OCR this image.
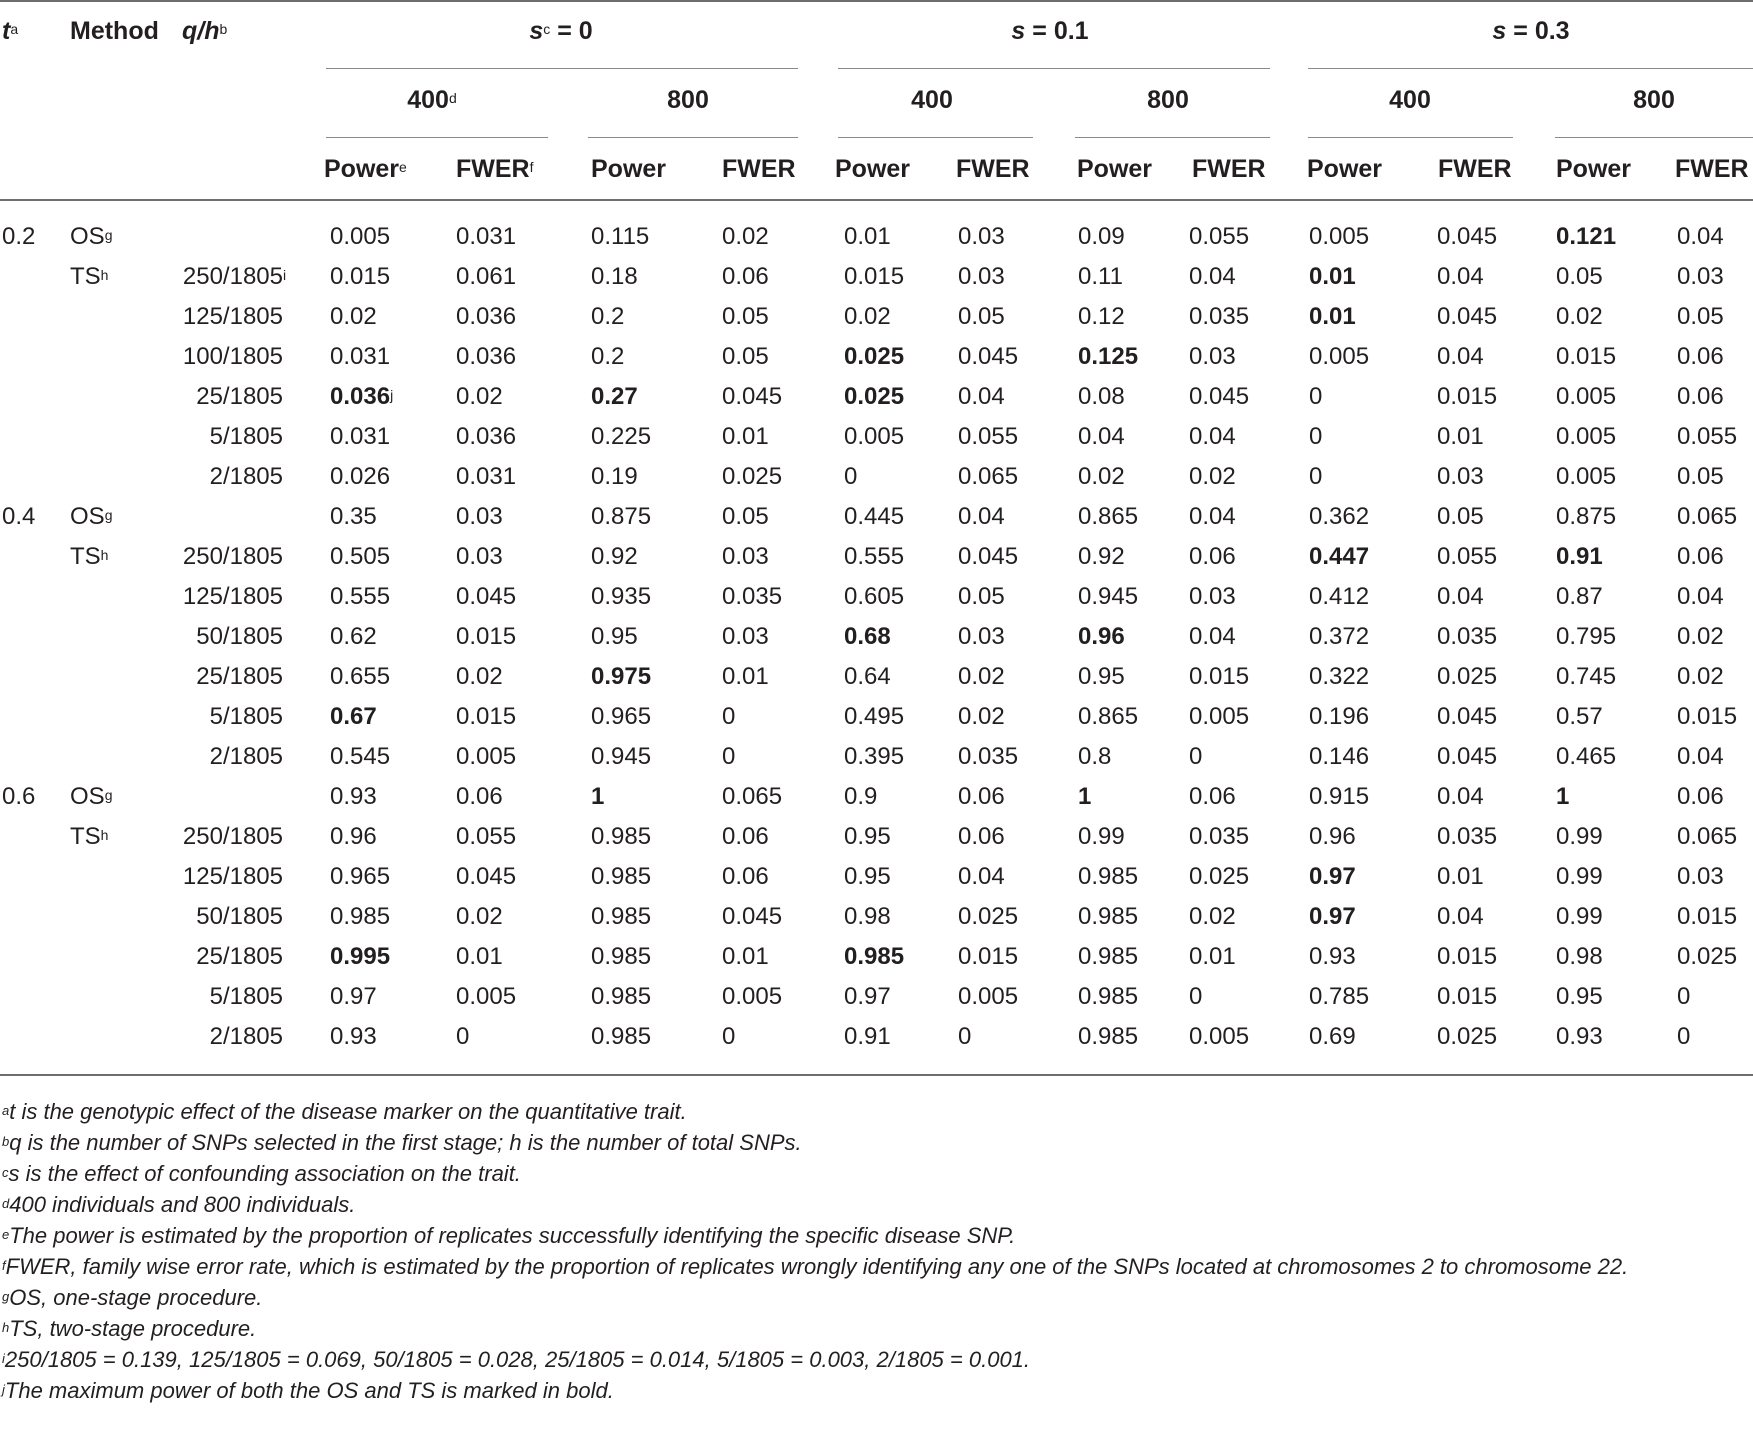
$t^a$ Method $q/h^b$	$s^c = 0$	s = 0.1	s = 0.3
400$^d$	800	400	800	400	800
Power$^e$ FWER$^f$ Power FWER Power FWER Power FWER Power FWER Power FWER
0.2 $OS^g$	0.005	0.031	0.115	0.02	0.01	0.03	0.09	0.055 0.005	0.045 0.121	0.04
$TS^h$	250/1805 i 0.015	0.061	0.18	0.06	0.015 0.03	0.11	0.04	0.01	0.04	0.05	0.03
125/1805 0.02	0.036	0.2	0.05	0.02	0.05	0.12	0.035 0.01	0.045 0.02	0.05
100/1805 0.031	0.036	0.2	0.05	0.025 0.045 0.125 0.03	0.005	0.04	0.015	0.06
25/1805 0.036$^j$	0.02	0.27	0.045	0.025 0.04	0.08	0.045 0	0.015 0.005	0.06
5/1805 0.031	0.036	0.225	0.01	0.005 0.055 0.04	0.04	0	0.01	0.005	0.055
2/1805 0.026	0.031	0.19	0.025	0	0.065 0.02	0.02	0	0.03	0.005	0.05
0.4 $OS^g$	0.35	0.03	0.875	0.05	0.445 0.04	0.865 0.04	0.362	0.05	0.875	0.065
$TS^h$	250/1805 0.505	0.03	0.92	0.03	0.555 0.045 0.92	0.06	0.447	0.055 0.91	0.06
125/1805 0.555	0.045	0.935	0.035	0.605 0.05	0.945 0.03	0.412	0.04	0.87	0.04
50/1805 0.62	0.015	0.95	0.03	0.68	0.03	0.96	0.04	0.372	0.035 0.795	0.02
25/1805 0.655	0.02	0.975	0.01	0.64	0.02	0.95	0.015 0.322	0.025 0.745	0.02
5/1805 0.67	0.015	0.965	0	0.495 0.02	0.865 0.005 0.196	0.045 0.57	0.015
2/1805 0.545	0.005	0.945	0	0.395 0.035 0.8	0	0.146	0.045 0.465	0.04
0.6 $OS^g$	0.93	0.06	1	0.065	0.9	0.06	1	0.06	0.915	0.04	1	0.06
$TS^h$	250/1805 0.96	0.055	0.985	0.06	0.95	0.06	0.99	0.035 0.96	0.035 0.99	0.065
125/1805 0.965	0.045	0.985	0.06	0.95	0.04	0.985 0.025 0.97	0.01	0.99	0.03
50/1805 0.985	0.02	0.985	0.045	0.98	0.025 0.985 0.02	0.97	0.04	0.99	0.015
25/1805 0.995	0.01	0.985	0.01	0.985 0.015 0.985 0.01	0.93	0.015 0.98	0.025
5/1805 0.97	0.005	0.985	0.005	0.97	0.005 0.985 0	0.785	0.015 0.95	0
2/1805 0.93	0	0.985	0	0.91	0	0.985 0.005 0.69	0.025 0.93	0
$^a$t is the genotypic effect of the disease marker on the quantitative trait.
$^b$q is the number of SNPs selected in the first stage; h is the number of total SNPs.
$^c$s is the effect of confounding association on the trait.
$^d$400 individuals and 800 individuals.
$^e$The power is estimated by the proportion of replicates successfully identifying the specific disease SNP.
$^f$FWER, family wise error rate, which is estimated by the proportion of replicates wrongly identifying any one of the SNPs located at chromosomes 2 to chromosome 22.
$^g$OS, one-stage procedure.
$^h$TS, two-stage procedure.
$^i$250/1805 = 0.139, 125/1805 = 0.069, 50/1805 = 0.028, 25/1805 = 0.014, 5/1805 = 0.003, 2/1805 = 0.001.
$^j$The maximum power of both the OS and TS is marked in bold.
